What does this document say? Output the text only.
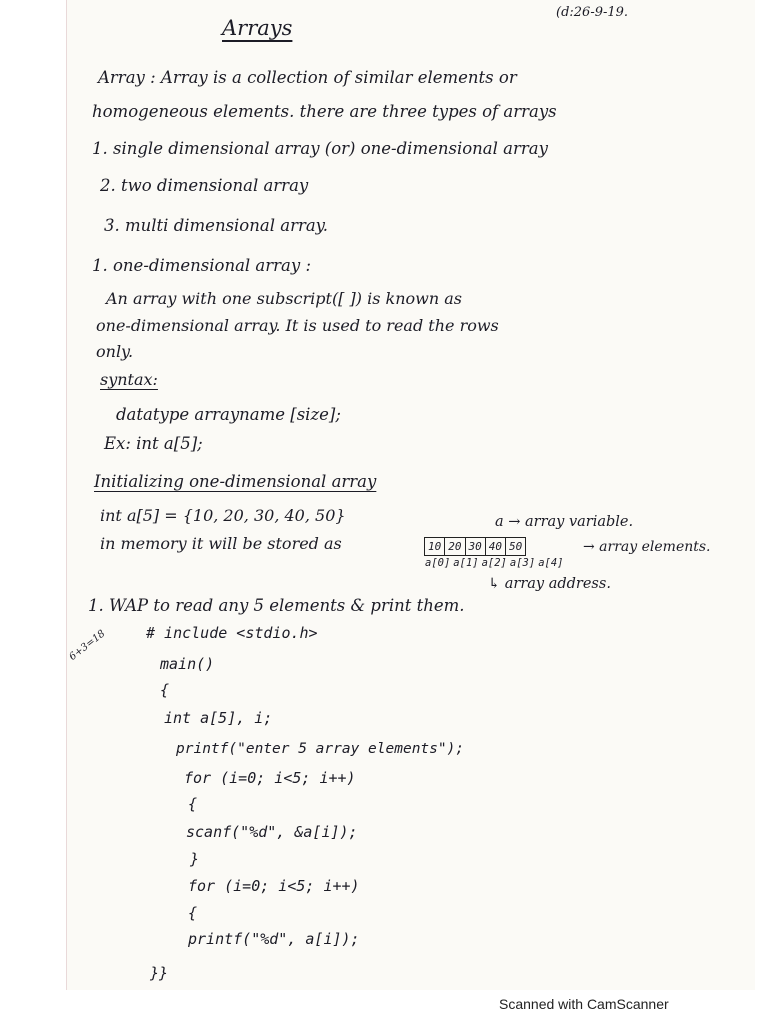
Arrays
(d:26-9-19.
Array : Array is a collection of similar elements or
homogeneous elements. there are three types of arrays
1. single dimensional array (or) one-dimensional array
2. two dimensional array
3. multi dimensional array.
1. one-dimensional array :
An array with one subscript([ ]) is known as
one-dimensional array. It is used to read the rows
only.
syntax:
datatype arrayname [size];
Ex: int a[5];
Initializing one-dimensional array
int a[5] = {10, 20, 30, 40, 50}	a → array variable.
in memory it will be stored as	10 20 30 40 50	→ array elements.
a[0] a[1] a[2] a[3] a[4]
↳ array address.
1. WAP to read any 5 elements & print them.
6+3=18	# include <stdio.h>
main()
{
int a[5], i;
printf("enter 5 array elements");
for (i=0; i<5; i++)
{
scanf("%d", &a[i]);
}
for (i=0; i<5; i++)
{
printf("%d", a[i]);
}}
Scanned with CamScanner
